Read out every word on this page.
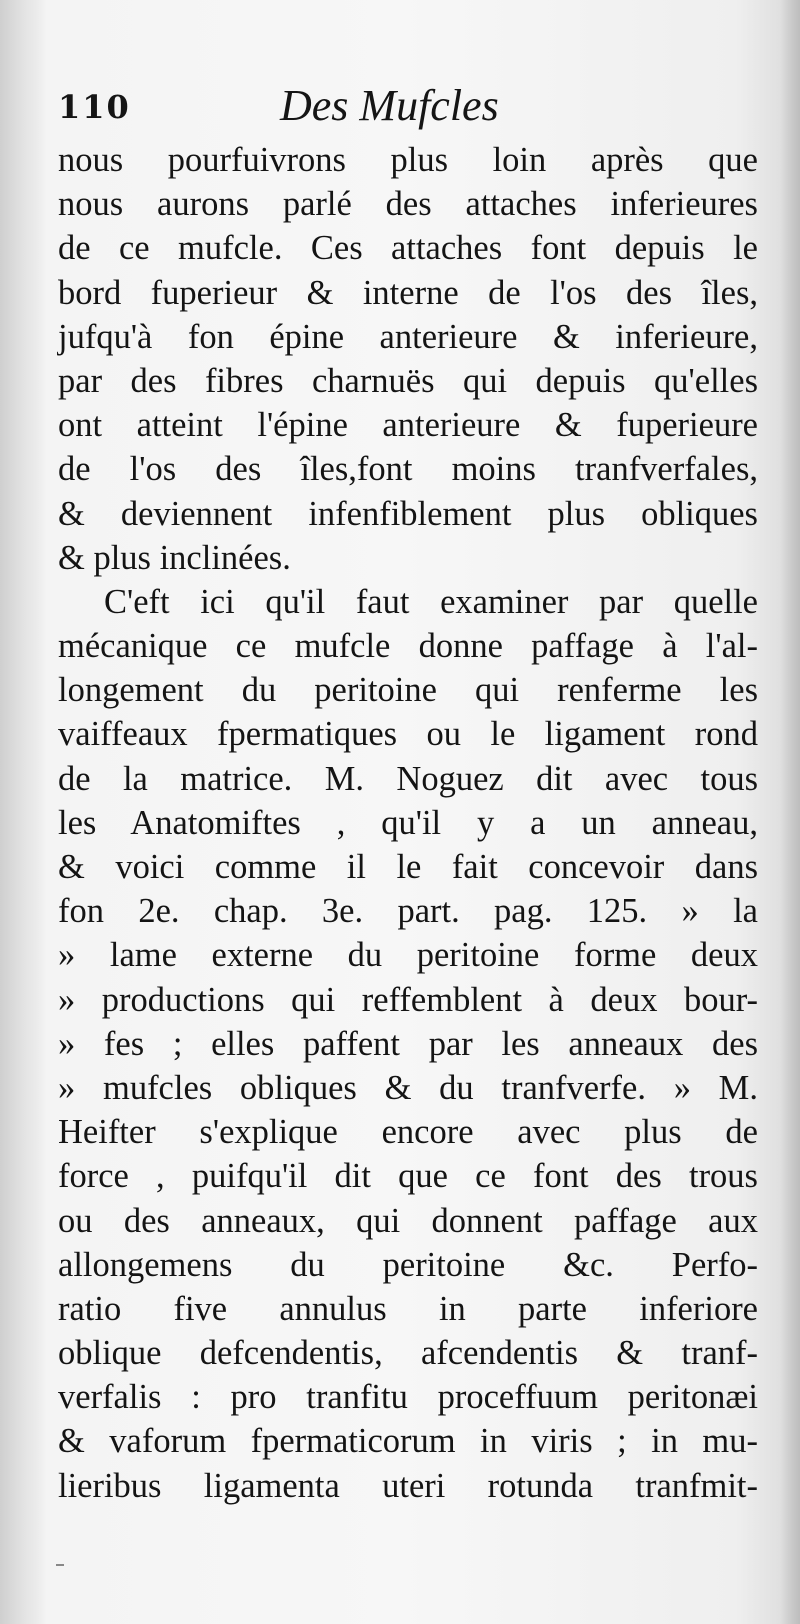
110	Des Mufcles
nous pourfuivrons plus loin après que
nous aurons parlé des attaches inferieures
de ce mufcle. Ces attaches font depuis le
bord fuperieur & interne de l'os des îles,
jufqu'à fon épine anterieure & inferieure,
par des fibres charnuës qui depuis qu'elles
ont atteint l'épine anterieure & fuperieure
de l'os des îles,font moins tranfverfales,
& deviennent infenfiblement plus obliques
& plus inclinées.
C'eft ici qu'il faut examiner par quelle
mécanique ce mufcle donne paffage à l'al-
longement du peritoine qui renferme les
vaiffeaux fpermatiques ou le ligament rond
de la matrice. M. Noguez dit avec tous
les Anatomiftes , qu'il y a un anneau,
& voici comme il le fait concevoir dans
fon 2e. chap. 3e. part. pag. 125. » la
» lame externe du peritoine forme deux
» productions qui reffemblent à deux bour-
» fes ; elles paffent par les anneaux des
» mufcles obliques & du tranfverfe. » M.
Heifter s'explique encore avec plus de
force , puifqu'il dit que ce font des trous
ou des anneaux, qui donnent paffage aux
allongemens du peritoine &c. Perfo-
ratio five annulus in parte inferiore
oblique defcendentis, afcendentis & tranf-
verfalis : pro tranfitu proceffuum peritonæi
& vaforum fpermaticorum in viris ; in mu-
lieribus ligamenta uteri rotunda tranfmit-
